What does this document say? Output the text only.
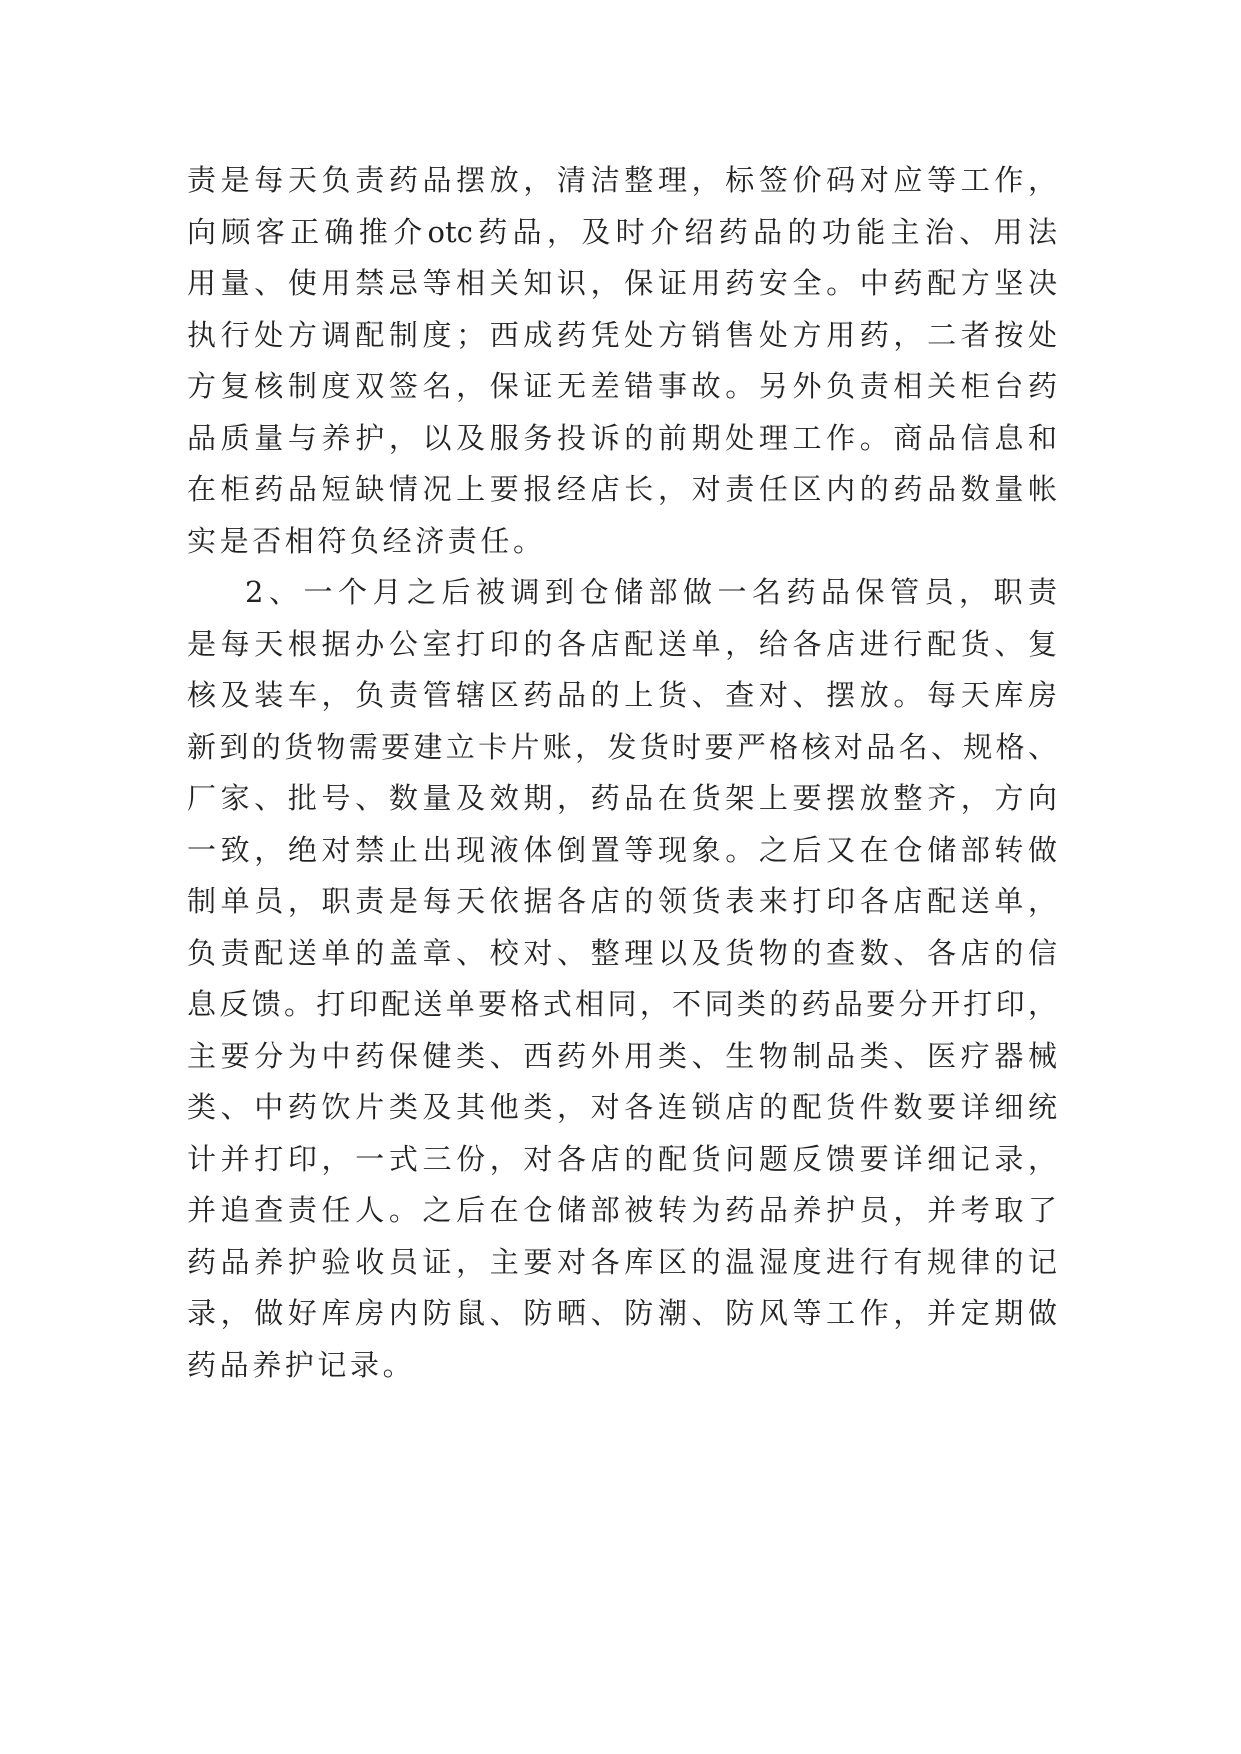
责是每天负责药品摆放，清洁整理，标签价码对应等工作，
向顾客正确推介otc药品，及时介绍药品的功能主治、用法
用量、使用禁忌等相关知识，保证用药安全。中药配方坚决
执行处方调配制度；西成药凭处方销售处方用药，二者按处
方复核制度双签名，保证无差错事故。另外负责相关柜台药
品质量与养护，以及服务投诉的前期处理工作。商品信息和
在柜药品短缺情况上要报经店长，对责任区内的药品数量帐
实是否相符负经济责任。
2、一个月之后被调到仓储部做一名药品保管员，职责
是每天根据办公室打印的各店配送单，给各店进行配货、复
核及装车，负责管辖区药品的上货、查对、摆放。每天库房
新到的货物需要建立卡片账，发货时要严格核对品名、规格、
厂家、批号、数量及效期，药品在货架上要摆放整齐，方向
一致，绝对禁止出现液体倒置等现象。之后又在仓储部转做
制单员，职责是每天依据各店的领货表来打印各店配送单，
负责配送单的盖章、校对、整理以及货物的查数、各店的信
息反馈。打印配送单要格式相同，不同类的药品要分开打印，
主要分为中药保健类、西药外用类、生物制品类、医疗器械
类、中药饮片类及其他类，对各连锁店的配货件数要详细统
计并打印，一式三份，对各店的配货问题反馈要详细记录，
并追查责任人。之后在仓储部被转为药品养护员，并考取了
药品养护验收员证，主要对各库区的温湿度进行有规律的记
录，做好库房内防鼠、防晒、防潮、防风等工作，并定期做
药品养护记录。
